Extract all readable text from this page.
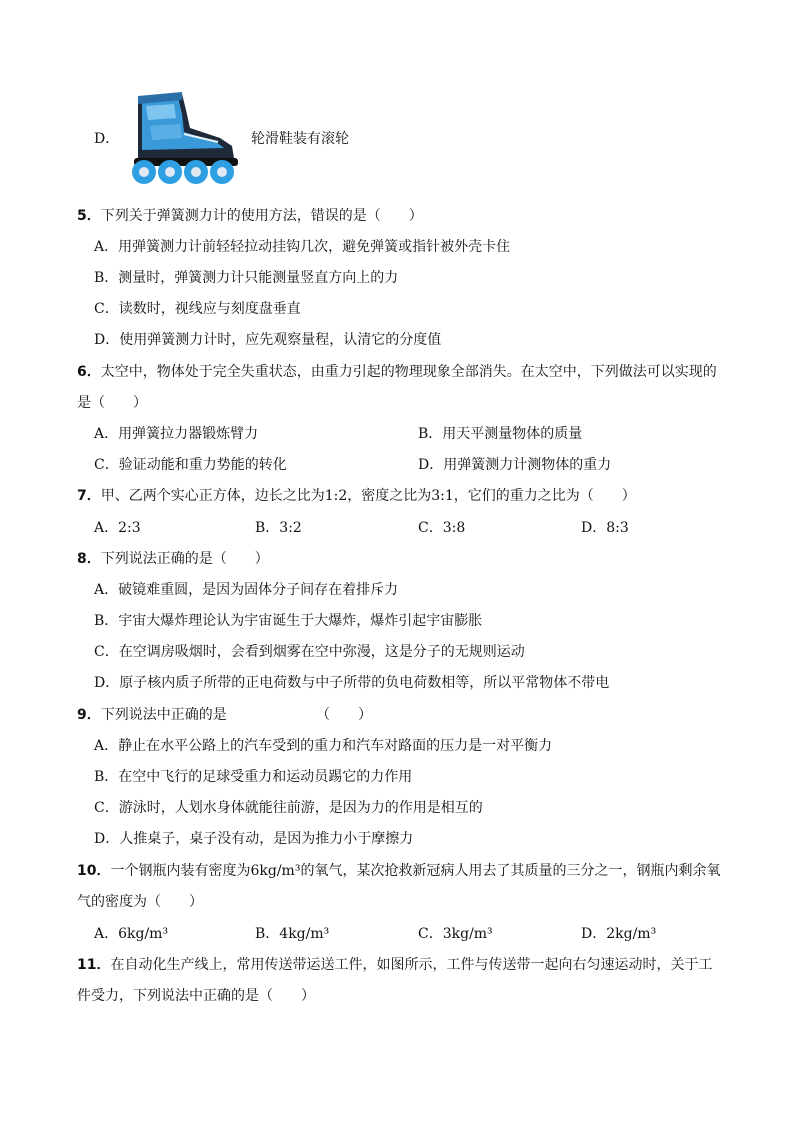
D．	轮滑鞋装有滚轮
5．下列关于弹簧测力计的使用方法，错误的是（　　）
A．用弹簧测力计前轻轻拉动挂钩几次，避免弹簧或指针被外壳卡住
B．测量时，弹簧测力计只能测量竖直方向上的力
C．读数时，视线应与刻度盘垂直
D．使用弹簧测力计时，应先观察量程，认清它的分度值
6．太空中，物体处于完全失重状态，由重力引起的物理现象全部消失。在太空中，下列做法可以实现的
是（　　）
A．用弹簧拉力器锻炼臂力	B．用天平测量物体的质量
C．验证动能和重力势能的转化	D．用弹簧测力计测物体的重力
7．甲、乙两个实心正方体，边长之比为1:2，密度之比为3:1，它们的重力之比为（　　）
A．2:3	B．3:2	C．3:8	D．8:3
8．下列说法正确的是（　　）
A．破镜难重圆，是因为固体分子间存在着排斥力
B．宇宙大爆炸理论认为宇宙诞生于大爆炸，爆炸引起宇宙膨胀
C．在空调房吸烟时，会看到烟雾在空中弥漫，这是分子的无规则运动
D．原子核内质子所带的正电荷数与中子所带的负电荷数相等，所以平常物体不带电
9．下列说法中正确的是	（　　）
A．静止在水平公路上的汽车受到的重力和汽车对路面的压力是一对平衡力
B．在空中飞行的足球受重力和运动员踢它的力作用
C．游泳时，人划水身体就能往前游，是因为力的作用是相互的
D．人推桌子，桌子没有动，是因为推力小于摩擦力
10．一个钢瓶内装有密度为6kg/m³的氧气，某次抢救新冠病人用去了其质量的三分之一，钢瓶内剩余氧
气的密度为（　　）
A．6kg/m³	B．4kg/m³	C．3kg/m³	D．2kg/m³
11．在自动化生产线上，常用传送带运送工件，如图所示，工件与传送带一起向右匀速运动时，关于工
件受力，下列说法中正确的是（　　）
